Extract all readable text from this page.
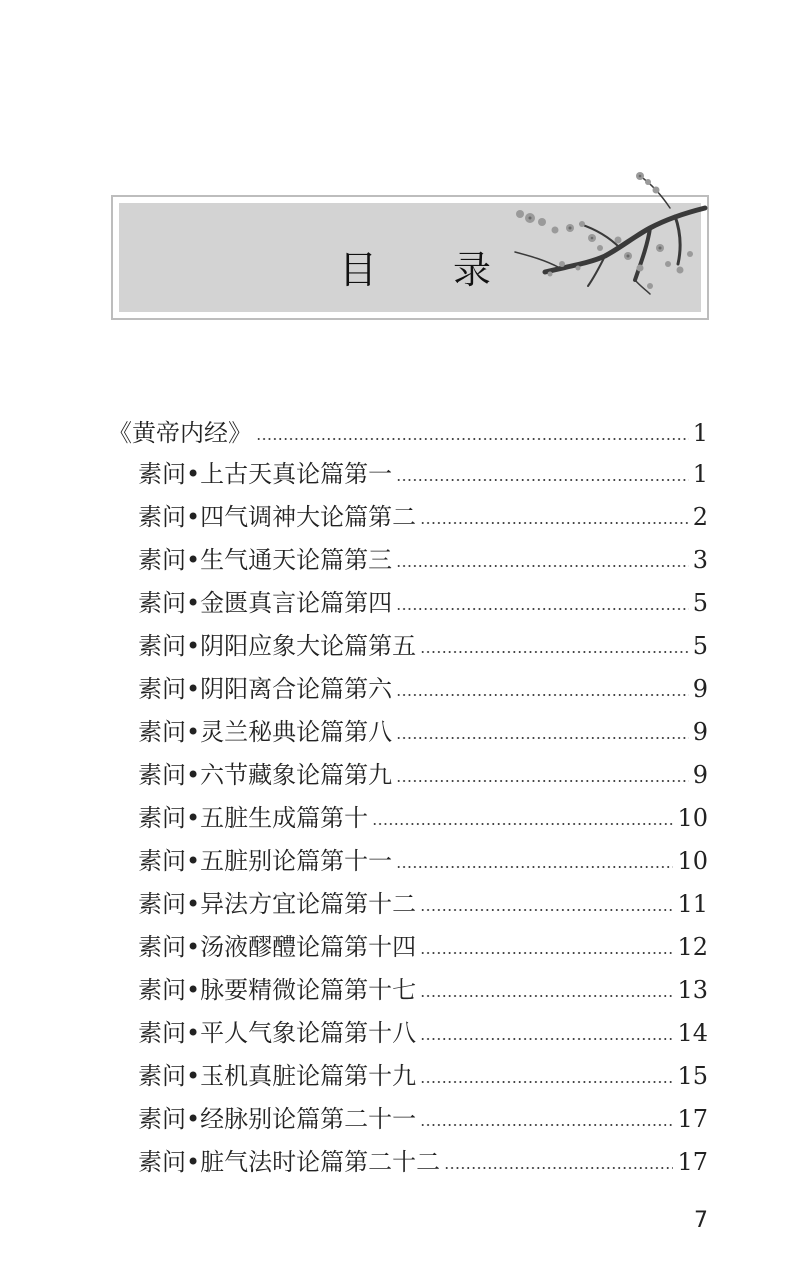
目 录
《黄帝内经》	1
素问•上古天真论篇第一	1
素问•四气调神大论篇第二	2
素问•生气通天论篇第三	3
素问•金匮真言论篇第四	5
素问•阴阳应象大论篇第五	5
素问•阴阳离合论篇第六	9
素问•灵兰秘典论篇第八	9
素问•六节藏象论篇第九	9
素问•五脏生成篇第十	10
素问•五脏别论篇第十一	10
素问•异法方宜论篇第十二	11
素问•汤液醪醴论篇第十四	12
素问•脉要精微论篇第十七	13
素问•平人气象论篇第十八	14
素问•玉机真脏论篇第十九	15
素问•经脉别论篇第二十一	17
素问•脏气法时论篇第二十二	17
7
